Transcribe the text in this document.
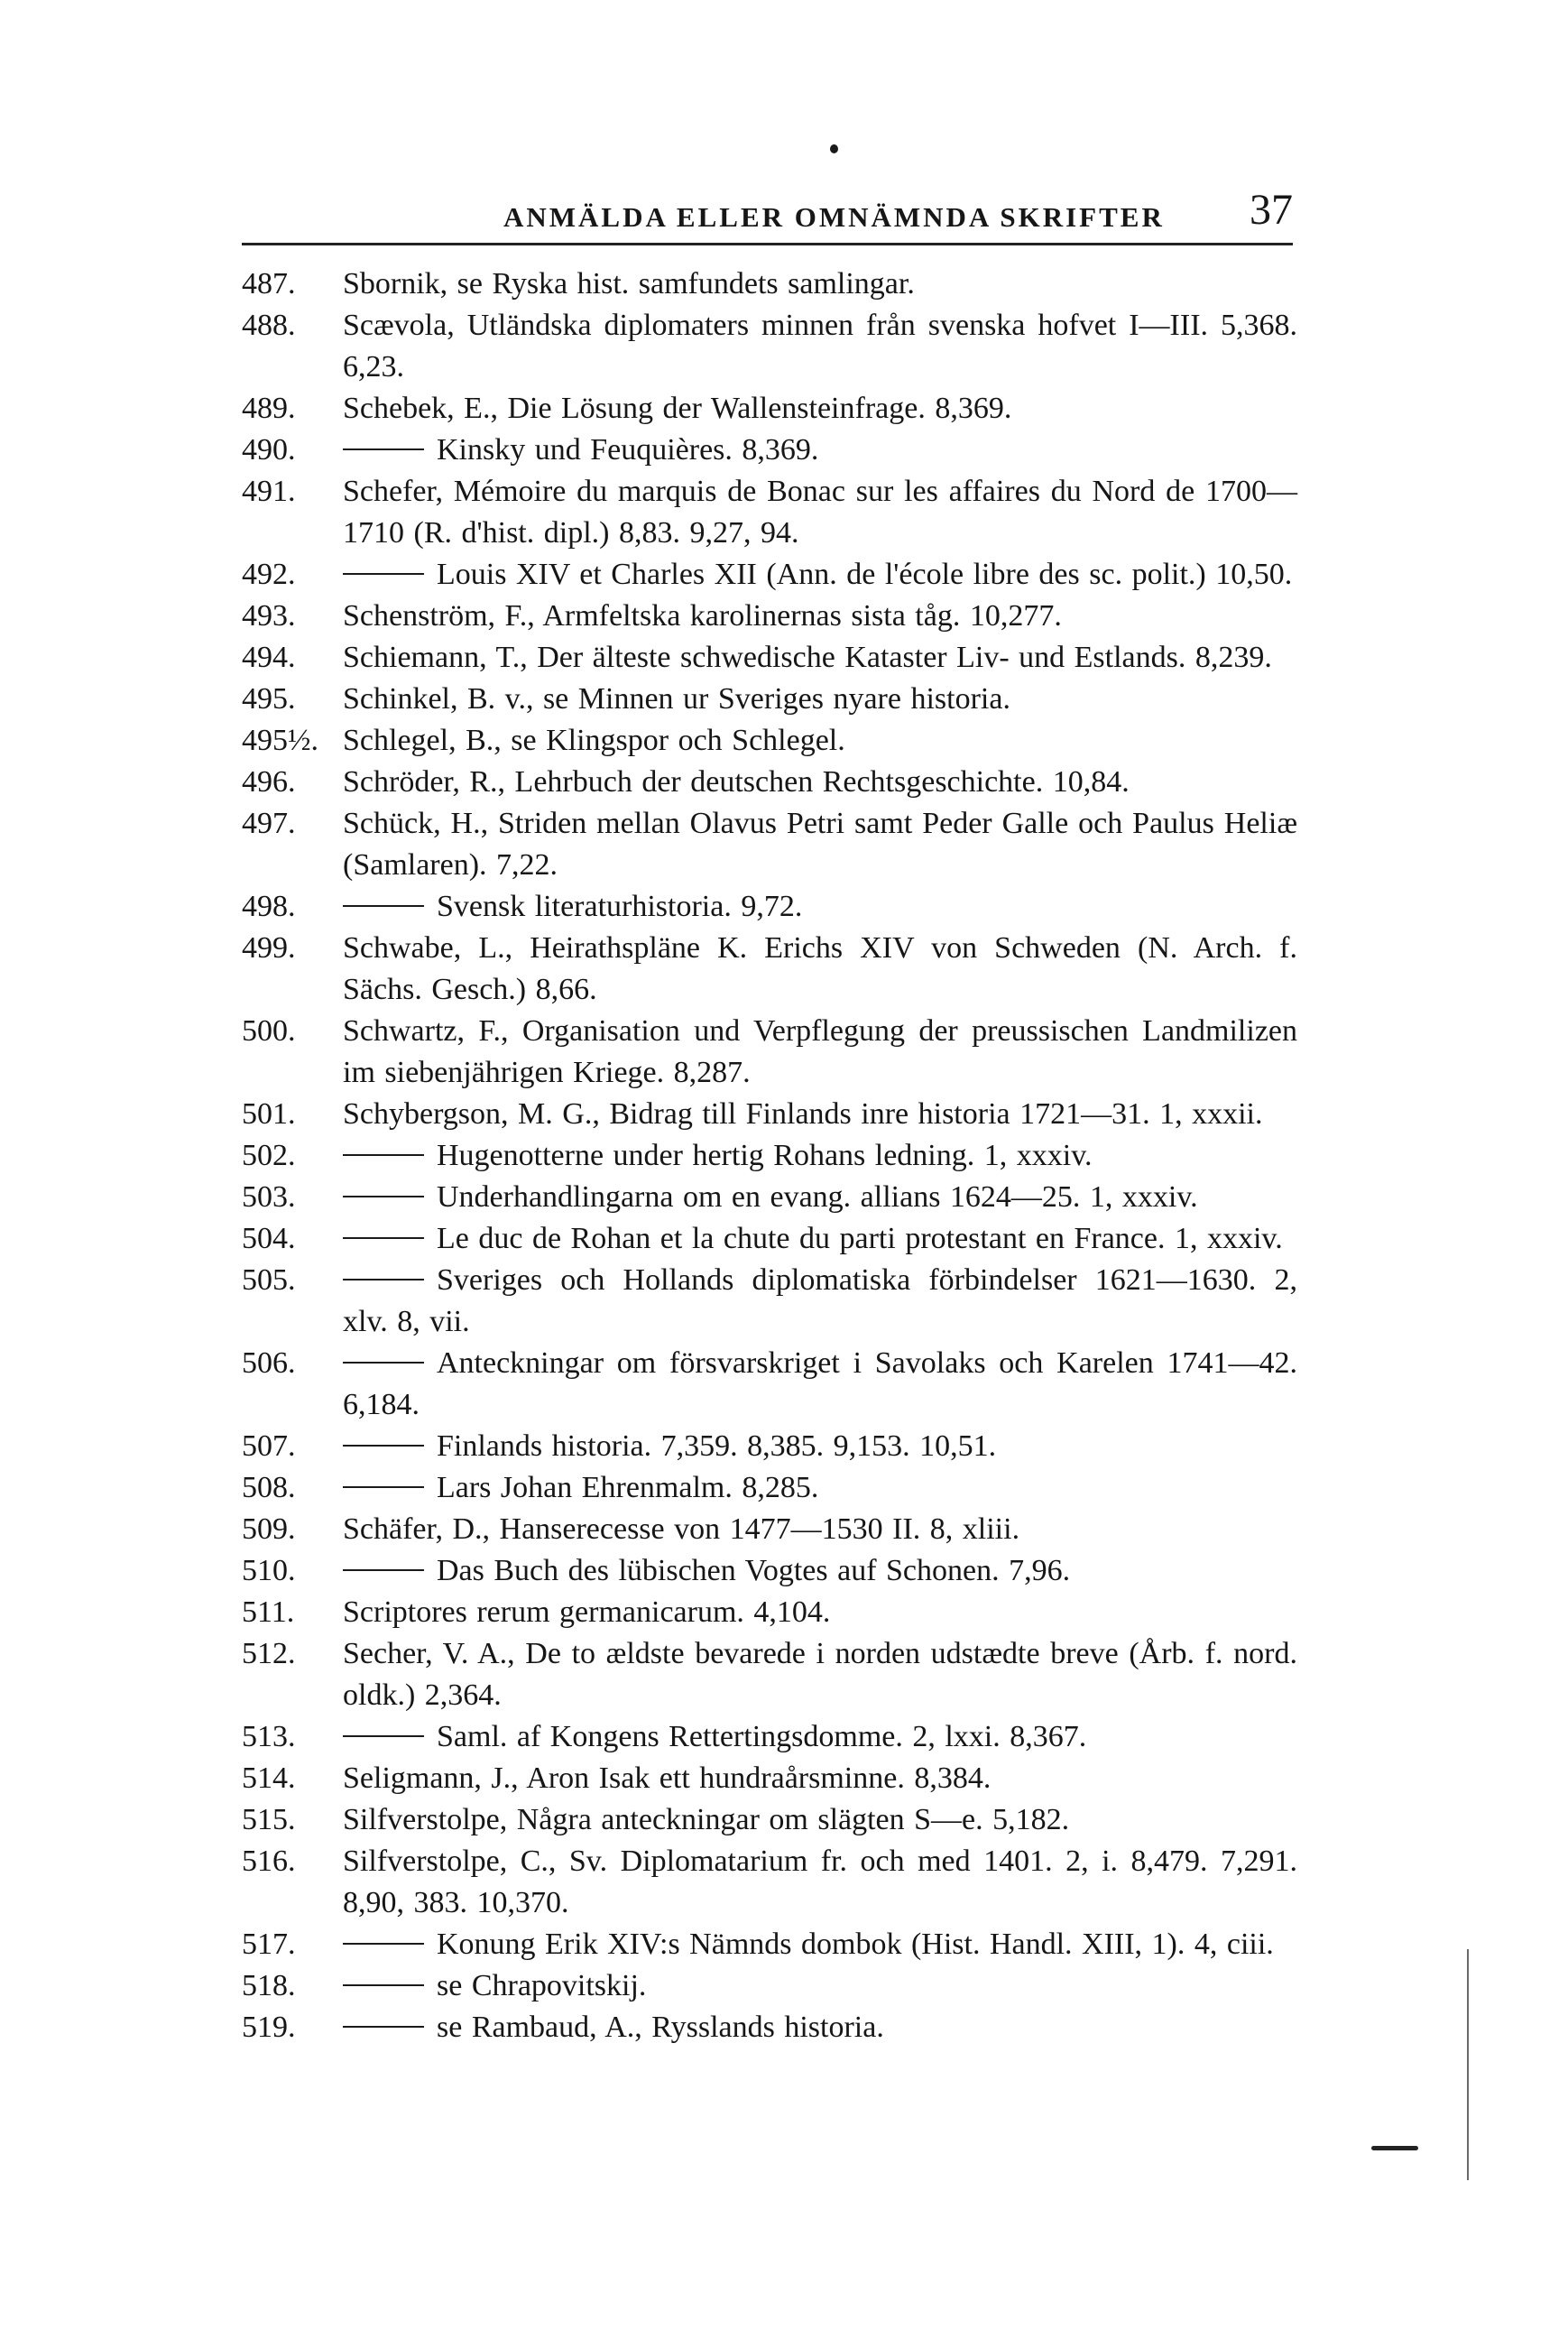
ANMÄLDA ELLER OMNÄMNDA SKRIFTER 37
487.	Sbornik, se Ryska hist. samfundets samlingar.
488.	Scævola, Utländska diplomaters minnen från svenska hofvet I—III. 5,368. 6,23.
489.	Schebek, E., Die Lösung der Wallensteinfrage. 8,369.
490.	Kinsky und Feuquières. 8,369.
491.	Schefer, Mémoire du marquis de Bonac sur les affaires du Nord de 1700—1710 (R. d'hist. dipl.) 8,83. 9,27, 94.
492.	Louis XIV et Charles XII (Ann. de l'école libre des sc. polit.) 10,50.
493.	Schenström, F., Armfeltska karolinernas sista tåg. 10,277.
494.	Schiemann, T., Der älteste schwedische Kataster Liv- und Estlands. 8,239.
495.	Schinkel, B. v., se Minnen ur Sveriges nyare historia.
495½. Schlegel, B., se Klingspor och Schlegel.
496.	Schröder, R., Lehrbuch der deutschen Rechtsgeschichte. 10,84.
497.	Schück, H., Striden mellan Olavus Petri samt Peder Galle och Paulus Heliæ (Samlaren). 7,22.
498.	Svensk literaturhistoria. 9,72.
499.	Schwabe, L., Heirathspläne K. Erichs XIV von Schweden (N. Arch. f. Sächs. Gesch.) 8,66.
500.	Schwartz, F., Organisation und Verpflegung der preussischen Landmilizen im siebenjährigen Kriege. 8,287.
501.	Schybergson, M. G., Bidrag till Finlands inre historia 1721—31. 1, xxxii.
502.	Hugenotterne under hertig Rohans ledning. 1, xxxiv.
503.	Underhandlingarna om en evang. allians 1624—25. 1, xxxiv.
504.	Le duc de Rohan et la chute du parti protestant en France. 1, xxxiv.
505.	Sveriges och Hollands diplomatiska förbindelser 1621—1630. 2, xlv. 8, vii.
506.	Anteckningar om försvarskriget i Savolaks och Karelen 1741—42. 6,184.
507.	Finlands historia. 7,359. 8,385. 9,153. 10,51.
508.	Lars Johan Ehrenmalm. 8,285.
509.	Schäfer, D., Hanserecesse von 1477—1530 II. 8, xliii.
510.	Das Buch des lübischen Vogtes auf Schonen. 7,96.
511.	Scriptores rerum germanicarum. 4,104.
512.	Secher, V. A., De to ældste bevarede i norden udstædte breve (Årb. f. nord. oldk.) 2,364.
513.	Saml. af Kongens Rettertingsdomme. 2, lxxi. 8,367.
514.	Seligmann, J., Aron Isak ett hundraårsminne. 8,384.
515.	Silfverstolpe, Några anteckningar om slägten S—e. 5,182.
516.	Silfverstolpe, C., Sv. Diplomatarium fr. och med 1401. 2, i. 8,479. 7,291. 8,90, 383. 10,370.
517.	Konung Erik XIV:s Nämnds dombok (Hist. Handl. XIII, 1). 4, ciii.
518.	se Chrapovitskij.
519.	se Rambaud, A., Rysslands historia.
